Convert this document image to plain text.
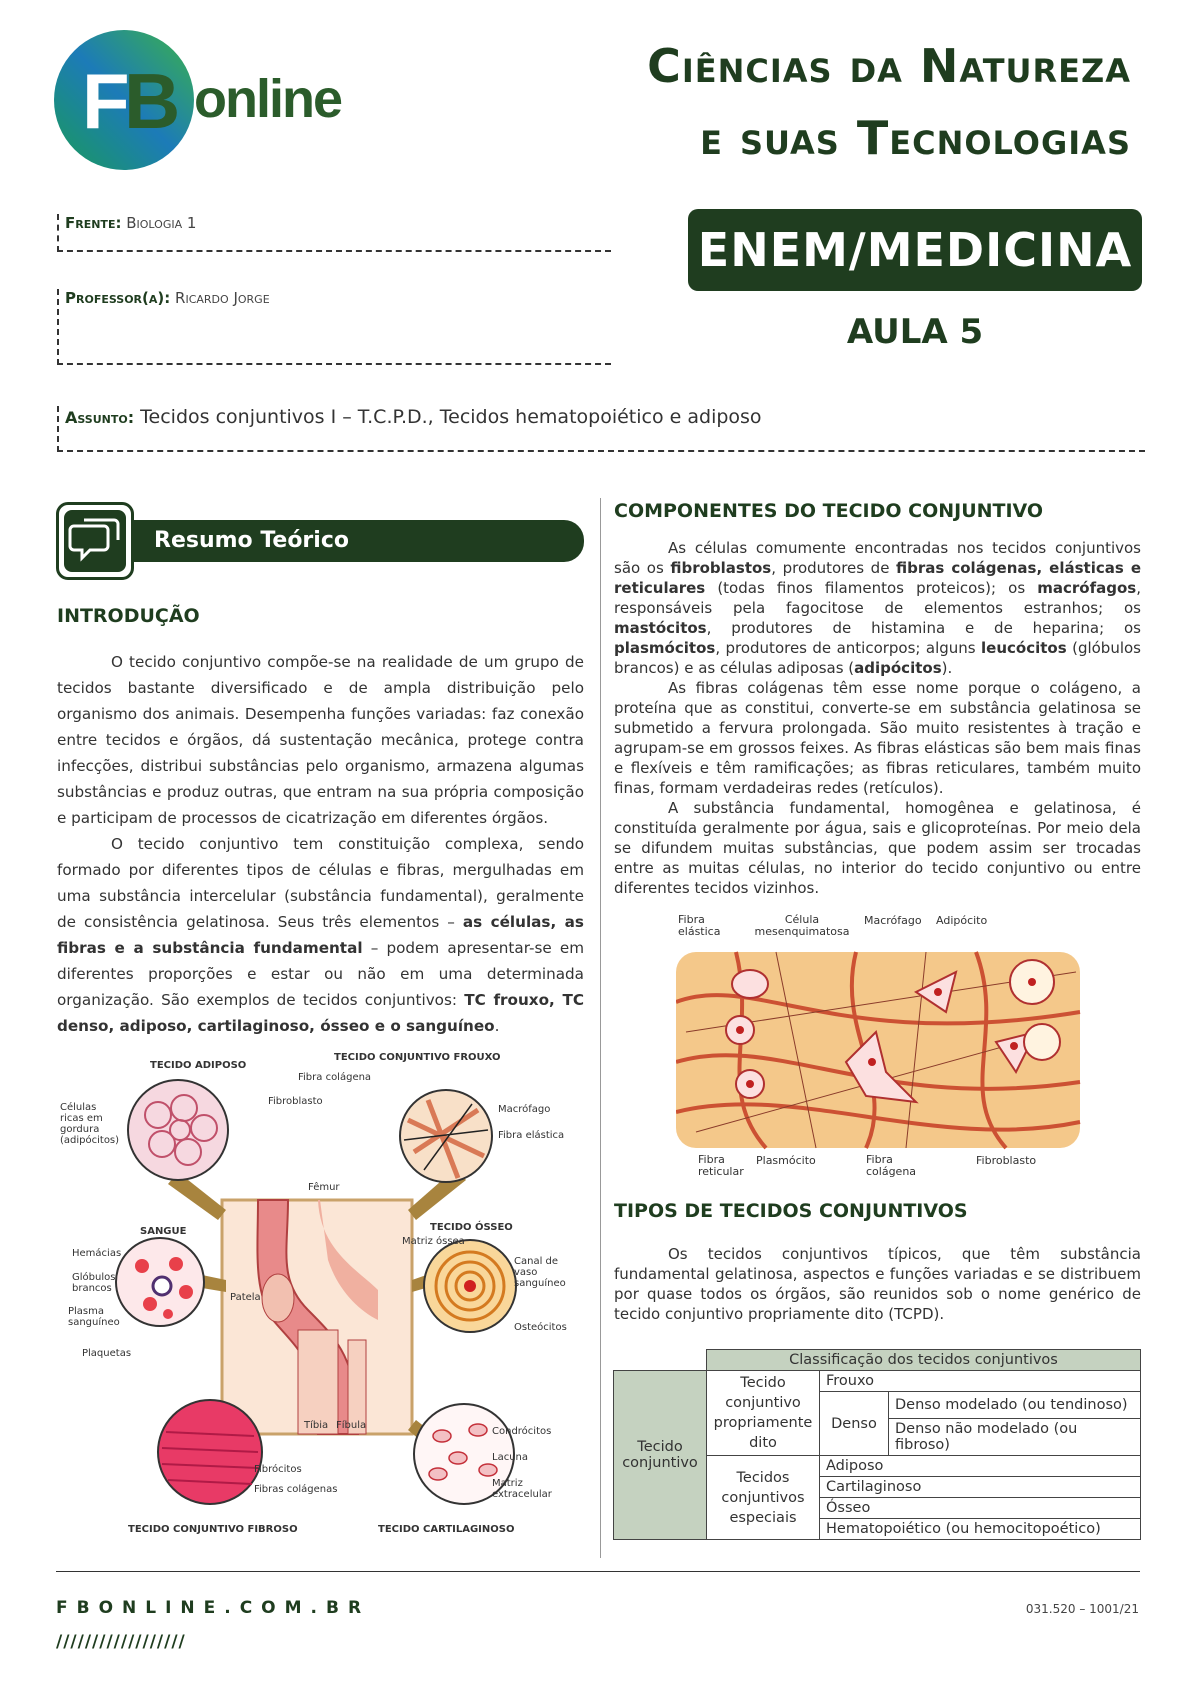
F
B online
Ciências da Natureza
e suas Tecnologias
ENEM/MEDICINA
AULA 5
Frente: Biologia 1
Professor(a): Ricardo Jorge
Assunto: Tecidos conjuntivos I – T.C.P.D., Tecidos hematopoiético e adiposo
Resumo Teórico
INTRODUÇÃO

O tecido conjuntivo compõe-se na realidade de um grupo de tecidos bastante diversificado e de ampla distribuição pelo organismo dos animais. Desempenha funções variadas: faz conexão entre tecidos e órgãos, dá sustentação mecânica, protege contra infecções, distribui substâncias pelo organismo, armazena algumas substâncias e produz outras, que entram na sua própria composição e participam de processos de cicatrização em diferentes órgãos.

O tecido conjuntivo tem constituição complexa, sendo formado por diferentes tipos de células e fibras, mergulhadas em uma substância intercelular (substância fundamental), geralmente de consistência gelatinosa. Seus três elementos – as células, as fibras e a substância fundamental – podem apresentar-se em diferentes proporções e estar ou não em uma determinada organização. São exemplos de tecidos conjuntivos: TC frouxo, TC denso, adiposo, cartilaginoso, ósseo e o sanguíneo.

TECIDO ADIPOSO
TECIDO CONJUNTIVO FROUXO
Células ricas em gordura (adipócitos)
Fibra colágena
Fibroblasto
Macrófago
Fibra elástica
Fêmur
SANGUE
Hemácias
Glóbulos brancos
Plasma sanguíneo
Plaquetas
Patela
TECIDO ÓSSEO
Matriz óssea
Canal de vaso sanguíneo
Osteócitos
Tíbia Fíbula
Condrócitos
Lacuna
Matriz extracelular
Fibrócitos
Fibras colágenas
TECIDO CONJUNTIVO FIBROSO	TECIDO CARTILAGINOSO
COMPONENTES DO TECIDO CONJUNTIVO

As células comumente encontradas nos tecidos conjuntivos são os fibroblastos, produtores de fibras colágenas, elásticas e reticulares (todas finos filamentos proteicos); os macrófagos, responsáveis pela fagocitose de elementos estranhos; os mastócitos, produtores de histamina e de heparina; os plasmócitos, produtores de anticorpos; alguns leucócitos (glóbulos brancos) e as células adiposas (adipócitos).

As fibras colágenas têm esse nome porque o colágeno, a proteína que as constitui, converte-se em substância gelatinosa se submetido a fervura prolongada. São muito resistentes à tração e agrupam-se em grossos feixes. As fibras elásticas são bem mais finas e flexíveis e têm ramificações; as fibras reticulares, também muito finas, formam verdadeiras redes (retículos).

A substância fundamental, homogênea e gelatinosa, é constituída geralmente por água, sais e glicoproteínas. Por meio dela se difundem muitas substâncias, que podem assim ser trocadas entre as muitas células, no interior do tecido conjuntivo ou entre diferentes tecidos vizinhos.

Fibra elástica
Célula mesenquimatosa
Macrófago Adipócito
Fibra reticular
Plasmócito	Fibra colágena
Fibroblasto
TIPOS DE TECIDOS CONJUNTIVOS

Os tecidos conjuntivos típicos, que têm substância fundamental gelatinosa, aspectos e funções variadas e se distribuem por quase todos os órgãos, são reunidos sob o nome genérico de tecido conjuntivo propriamente dito (TCPD).

	Classificação dos tecidos conjuntivos		
Tecido conjuntivo	Tecido conjuntivo propriamente dito	Frouxo	
		Denso	Denso modelado (ou tendinoso)
			Denso não modelado (ou fibroso)
	Tecidos conjuntivos especiais	Adiposo	
		Cartilaginoso	
		Ósseo	
		Hematopoiético (ou hemocitopoético)	
FBONLINE.COM.BR
//////////////////
031.520 – 1001/21
